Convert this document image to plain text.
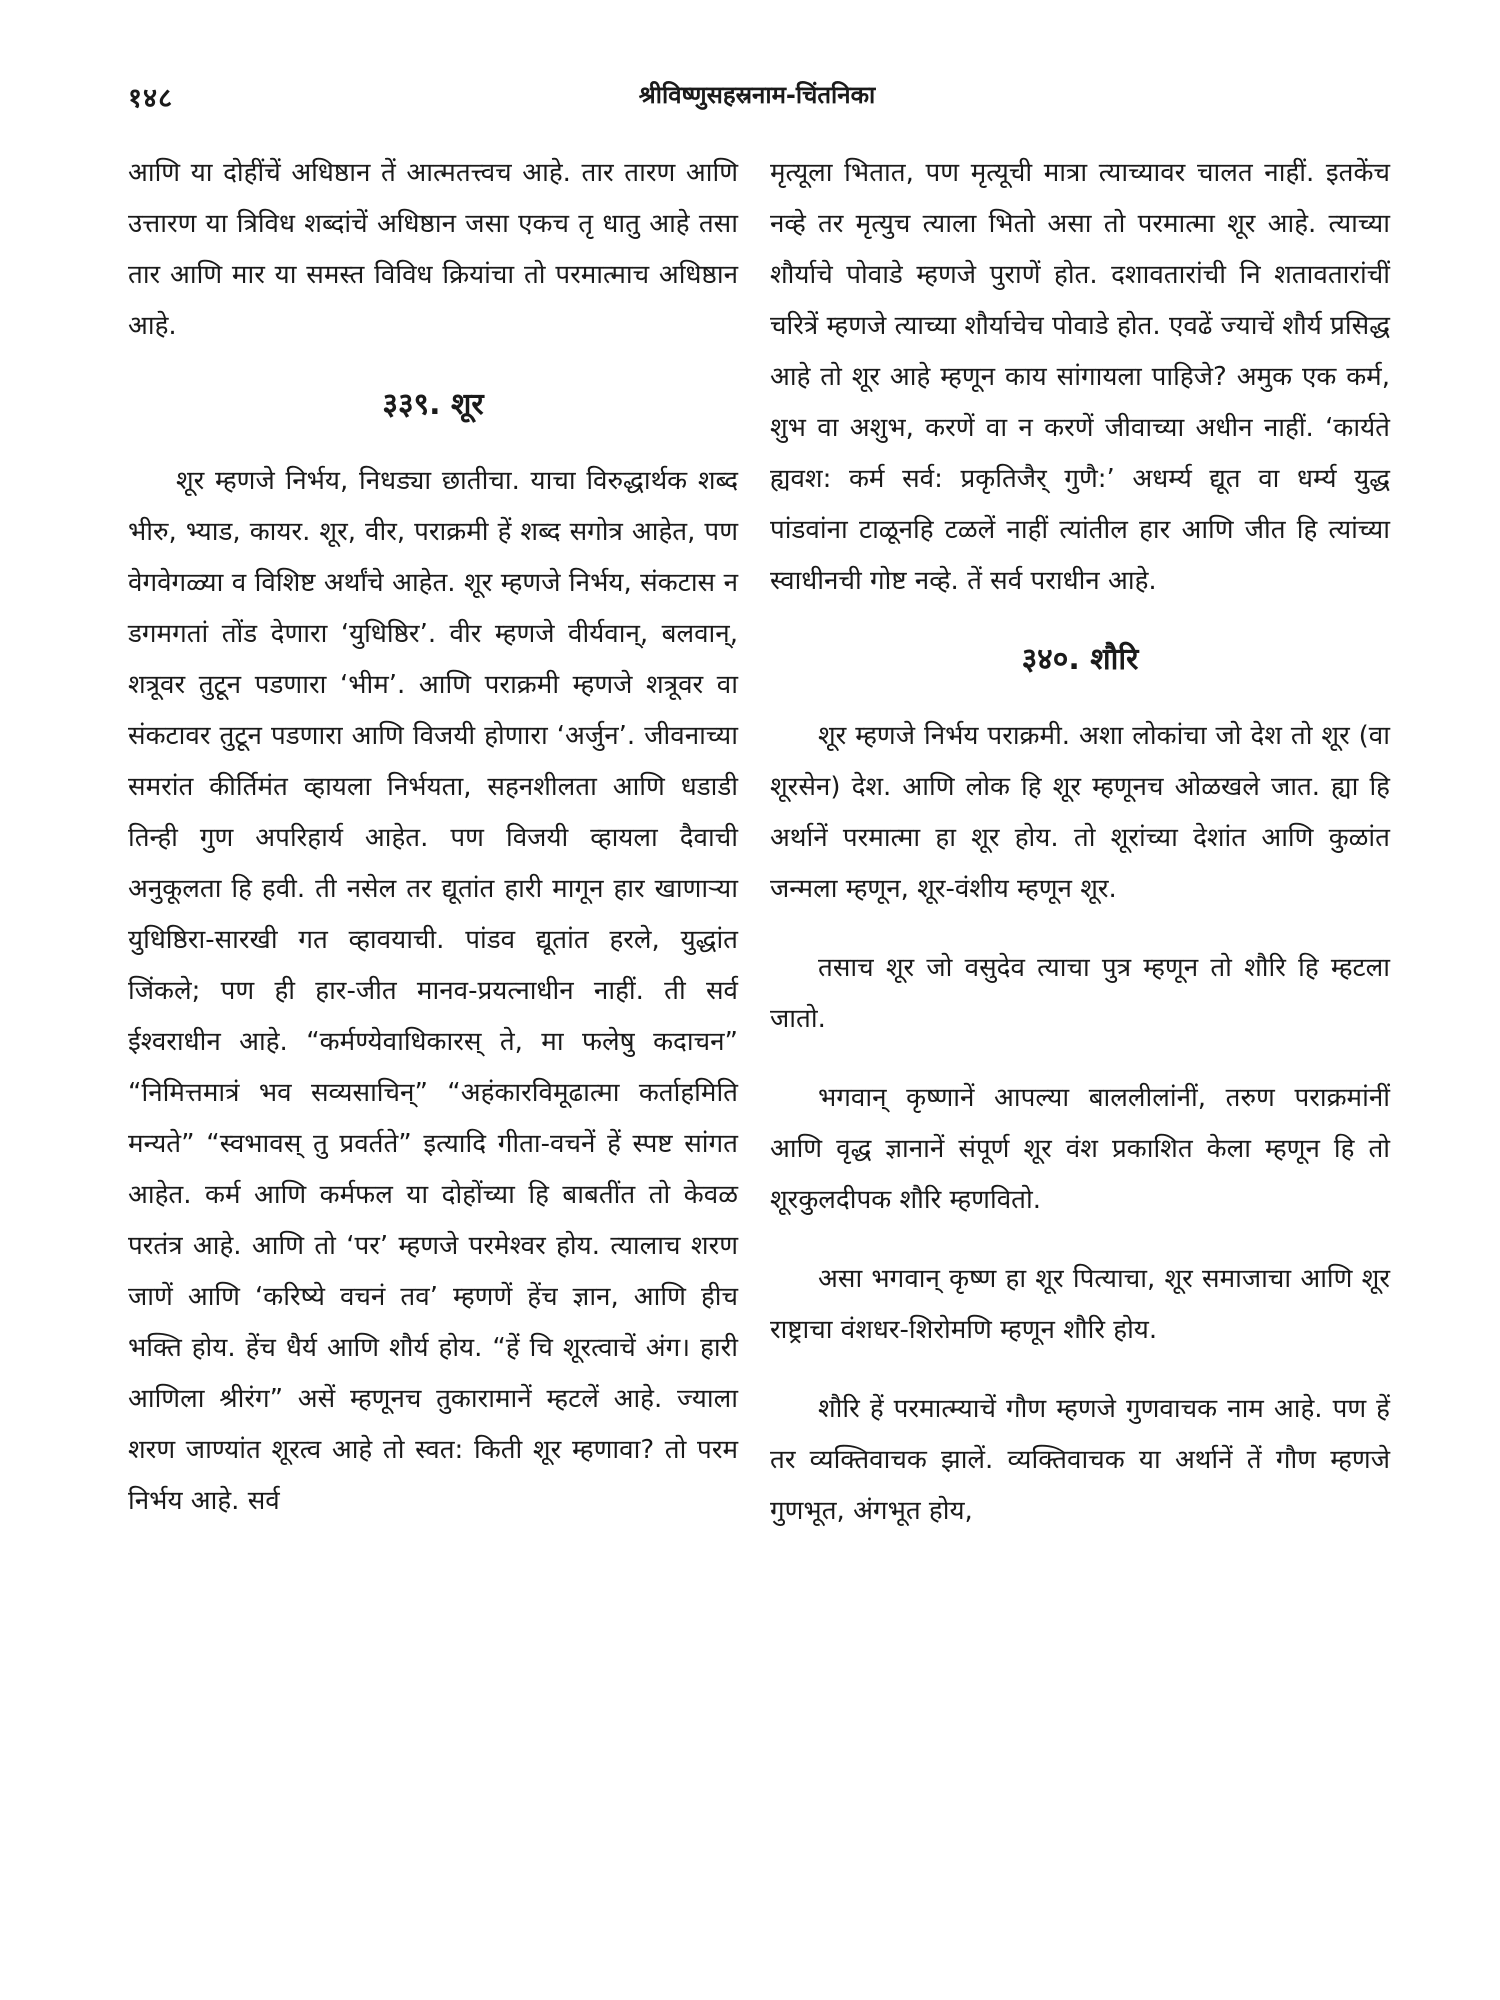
१४८	श्रीविष्णुसहस्रनाम-चिंतनिका

आणि या दोहींचें अधिष्ठान तें आत्मतत्त्वच आहे. तार तारण आणि उत्तारण या त्रिविध शब्दांचें अधिष्ठान जसा एकच तृ धातु आहे तसा तार आणि मार या समस्त विविध क्रियांचा तो परमात्माच अधिष्ठान आहे.

३३९. शूर

शूर म्हणजे निर्भय, निधड्या छातीचा. याचा विरुद्धार्थक शब्द भीरु, भ्याड, कायर. शूर, वीर, पराक्रमी हें शब्द सगोत्र आहेत, पण वेगवेगळ्या व विशिष्ट अर्थांचे आहेत. शूर म्हणजे निर्भय, संकटास न डगमगतां तोंड देणारा ‘युधिष्ठिर’. वीर म्हणजे वीर्यवान्, बलवान्, शत्रूवर तुटून पडणारा ‘भीम’. आणि पराक्रमी म्हणजे शत्रूवर वा संकटावर तुटून पडणारा आणि विजयी होणारा ‘अर्जुन’. जीवनाच्या समरांत कीर्तिमंत व्हायला निर्भयता, सहनशीलता आणि धडाडी तिन्ही गुण अपरिहार्य आहेत. पण विजयी व्हायला दैवाची अनुकूलता हि हवी. ती नसेल तर द्यूतांत हारी मागून हार खाणाऱ्या युधिष्ठिरा-सारखी गत व्हावयाची. पांडव द्यूतांत हरले, युद्धांत जिंकले; पण ही हार-जीत मानव-प्रयत्नाधीन नाहीं. ती सर्व ईश्वराधीन आहे. “कर्मण्येवाधिकारस् ते, मा फलेषु कदाचन” “निमित्तमात्रं भव सव्यसाचिन्” “अहंकारविमूढात्मा कर्ताहमिति मन्यते” “स्वभावस् तु प्रवर्तते” इत्यादि गीता-वचनें हें स्पष्ट सांगत आहेत. कर्म आणि कर्मफल या दोहोंच्या हि बाबतींत तो केवळ परतंत्र आहे. आणि तो ‘पर’ म्हणजे परमेश्वर होय. त्यालाच शरण जाणें आणि ‘करिष्ये वचनं तव’ म्हणणें हेंच ज्ञान, आणि हीच भक्ति होय. हेंच धैर्य आणि शौर्य होय. “हें चि शूरत्वाचें अंग। हारी आणिला श्रीरंग” असें म्हणूनच तुकारामानें म्हटलें आहे. ज्याला शरण जाण्यांत शूरत्व आहे तो स्वत: किती शूर म्हणावा? तो परम निर्भय आहे. सर्व

मृत्यूला भितात, पण मृत्यूची मात्रा त्याच्यावर चालत नाहीं. इतकेंच नव्हे तर मृत्युच त्याला भितो असा तो परमात्मा शूर आहे. त्याच्या शौर्याचे पोवाडे म्हणजे पुराणें होत. दशावतारांची नि शतावतारांचीं चरित्रें म्हणजे त्याच्या शौर्याचेच पोवाडे होत. एवढें ज्याचें शौर्य प्रसिद्ध आहे तो शूर आहे म्हणून काय सांगायला पाहिजे? अमुक एक कर्म, शुभ वा अशुभ, करणें वा न करणें जीवाच्या अधीन नाहीं. ‘कार्यते ह्यवश: कर्म सर्व: प्रकृतिजैर् गुणै:’ अधर्म्य द्यूत वा धर्म्य युद्ध पांडवांना टाळूनहि टळलें नाहीं त्यांतील हार आणि जीत हि त्यांच्या स्वाधीनची गोष्ट नव्हे. तें सर्व पराधीन आहे.

३४०. शौरि

शूर म्हणजे निर्भय पराक्रमी. अशा लोकांचा जो देश तो शूर (वा शूरसेन) देश. आणि लोक हि शूर म्हणूनच ओळखले जात. ह्या हि अर्थानें परमात्मा हा शूर होय. तो शूरांच्या देशांत आणि कुळांत जन्मला म्हणून, शूर-वंशीय म्हणून शूर.

तसाच शूर जो वसुदेव त्याचा पुत्र म्हणून तो शौरि हि म्हटला जातो.

भगवान् कृष्णानें आपल्या बाललीलांनीं, तरुण पराक्रमांनीं आणि वृद्ध ज्ञानानें संपूर्ण शूर वंश प्रकाशित केला म्हणून हि तो शूरकुलदीपक शौरि म्हणवितो.

असा भगवान् कृष्ण हा शूर पित्याचा, शूर समाजाचा आणि शूर राष्ट्राचा वंशधर-शिरोमणि म्हणून शौरि होय.

शौरि हें परमात्म्याचें गौण म्हणजे गुणवाचक नाम आहे. पण हें तर व्यक्तिवाचक झालें. व्यक्तिवाचक या अर्थानें तें गौण म्हणजे गुणभूत, अंगभूत होय,
